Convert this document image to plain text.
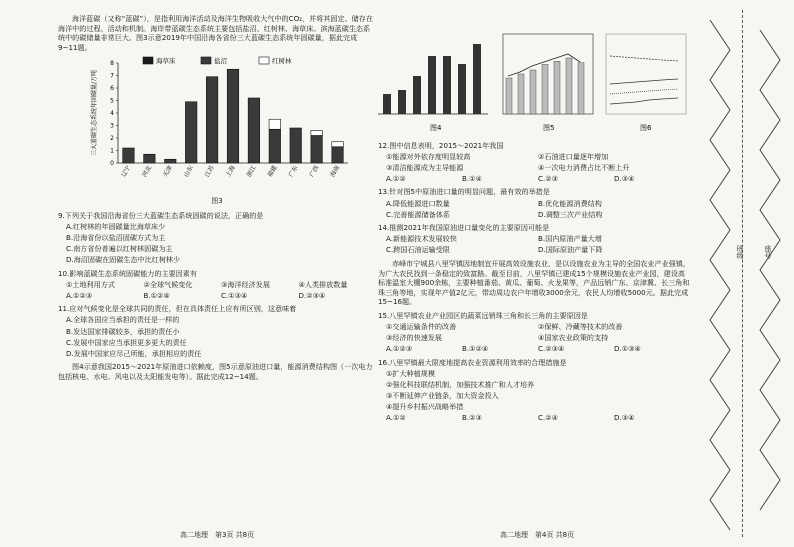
海洋蓝碳（又称“蓝碳”），是指利用海洋活动及海洋生物吸收大气中的CO₂，并将其固定、储存在海洋中的过程、活动和机制。海岸带蓝碳生态系统主要包括盐沼、红树林、海草床。滨海蓝碳生态系统中的碳储量非常巨大。图3示意2019年中国沿海各省份三大蓝碳生态系统年固碳量，据此完成9~11题。

0
1
2
3
4
5
6
7
8
三大蓝碳生态系统年固碳量/万吨
辽宁 河北 天津 山东 江苏 上海 浙江 福建 广东 广西 海南
海草床	盐沼	红树林
图3

9.下列关于我国沿海省份三大蓝碳生态系统固碳的说法，正确的是

A.红树林的年固碳量比海草床少

B.沿海省份以盐沼固碳方式为主

C.南方省份普遍以红树林固碳为主

D.海沼固碳在固碳生态中比红树林少

10.影响蓝碳生态系统固碳能力的主要因素有

①土地利用方式	②全球气候变化	③海洋经济发展	④人类排放数量
A.①②③	B.①②④	C.①③④	D.②③④

11.应对气候变化是全球共同的责任，但在具体责任上应有所区别，这意味着

A.全球各国应当承担的责任是一样的

B.发达国家排碳较多，承担的责任小

C.发展中国家应当承担更多更大的责任

D.发展中国家应尽己所能，承担相应的责任

图4示意我国2015～2021年原油进口依赖度，图5示意原油进口量，能源消费结构图（一次电力包括核电、水电、风电以及太阳能发电等）。据此完成12~14题。

高二地理　第3页 共8页
图4	图5	图6

12.图中信息表明，2015～2021年我国

①能源对外依存度明显较高	②石油进口量逐年增加
③清洁能源成为主导能源	④一次电力消费占比不断上升
A.①②	B.①④	C.②③	D.③④

13.针对图5中原油进口量的明显问题，最有效的举措是

A.降低能源进口数量	B.优化能源消费结构
C.完善能源储备体系	D.调整三次产业结构

14.推测2021年我国原油进口量变化的主要原因可能是

A.新能源技术发展较快	B.国内原油产量大增
C.跨国石油运输受限	D.国际原油产量下降

赤峰市宁城县八里罕镇因地制宜开展高效设施农业，是以设施农业为主导的全国农业产业强镇，为广大农民找到一条稳定的致富路。截至目前，八里罕镇已建成15个规模设施农业产业园，建设高标准温室大棚900余栋，主要种植番茄、黄瓜、葡萄、火龙果等，产品远销广东、京津冀、长三角和珠三角等地，实现年产值2亿元，带动周边农户年增收3000余元，农民人均增收5000元。据此完成15~16题。

15.八里罕镇农业产业园区的蔬菜远销珠三角和长三角的主要原因是

①交通运输条件的改善	②保鲜、冷藏等技术的改善
③经济的快速发展	④国家农业政策的支持
A.①②③	B.①②④	C.②③④	D.①③④

16.八里罕镇最大限度地提高农业资源利用效率的合理措施是

①扩大种植规模

②强化科技联结机制，加强技术推广和人才培养

③不断延伸产业链条，加大资金投入

④提升乡村振兴战略举措

A.①②	B.②③	C.②④	D.③④
高二地理　第4页 共8页
班级	座号
